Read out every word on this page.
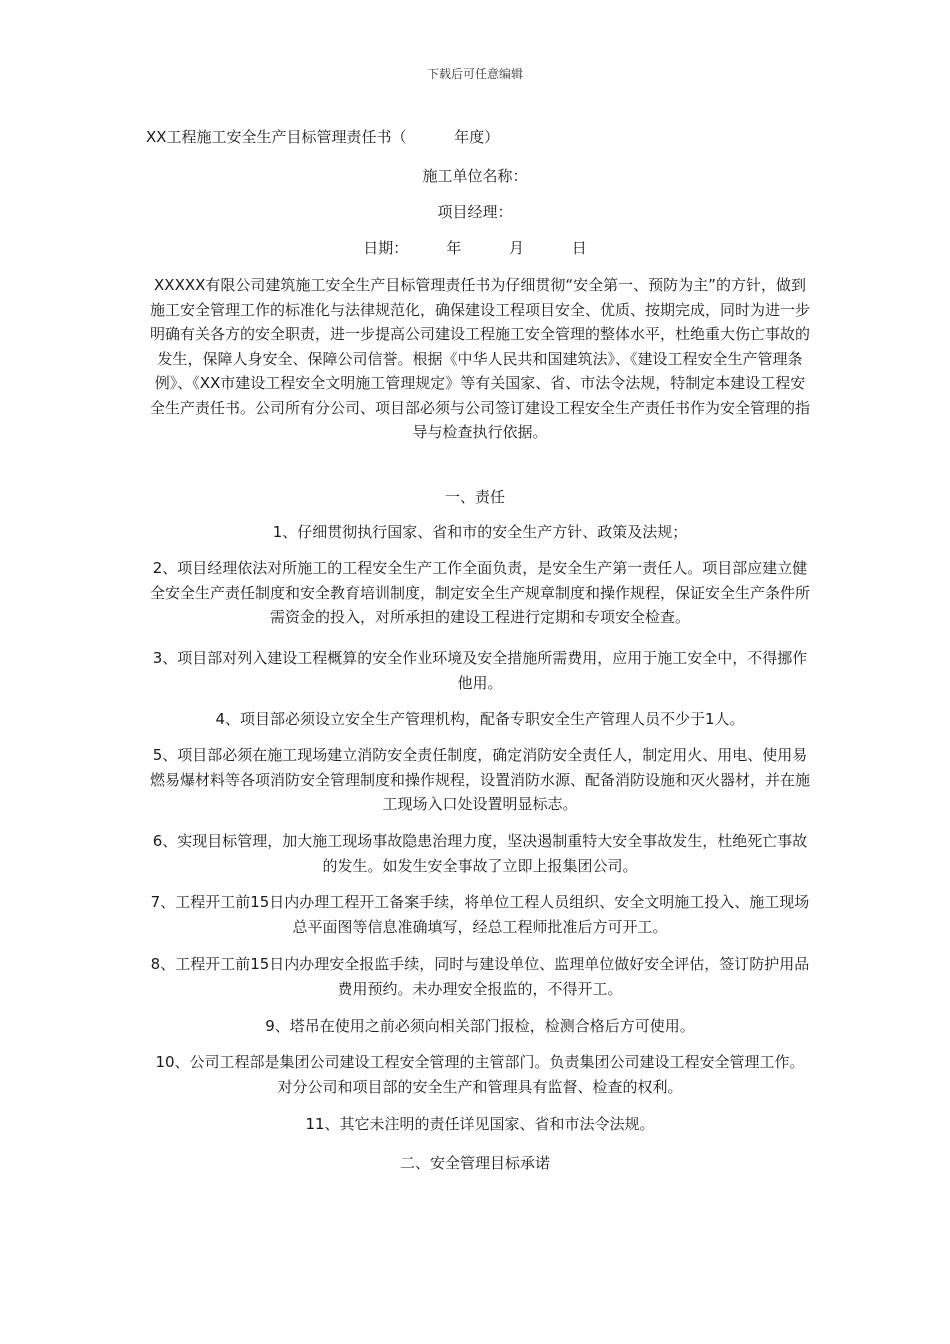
下载后可任意编辑
XX工程施工安全生产目标管理责任书（          年度）
施工单位名称：
项目经理：
日期：        年          月          日
XXXXX有限公司建筑施工安全生产目标管理责任书为仔细贯彻“安全第一、预防为主”的方针，做到施工安全管理工作的标准化与法律规范化，确保建设工程项目安全、优质、按期完成，同时为进一步明确有关各方的安全职责，进一步提高公司建设工程施工安全管理的整体水平，杜绝重大伤亡事故的发生，保障人身安全、保障公司信誉。根据《中华人民共和国建筑法》、《建设工程安全生产管理条例》、《XX市建设工程安全文明施工管理规定》等有关国家、省、市法令法规，特制定本建设工程安全生产责任书。公司所有分公司、项目部必须与公司签订建设工程安全生产责任书作为安全管理的指导与检查执行依据。
一、责任
1、仔细贯彻执行国家、省和市的安全生产方针、政策及法规；
2、项目经理依法对所施工的工程安全生产工作全面负责，是安全生产第一责任人。项目部应建立健全安全生产责任制度和安全教育培训制度，制定安全生产规章制度和操作规程，保证安全生产条件所需资金的投入，对所承担的建设工程进行定期和专项安全检查。
3、项目部对列入建设工程概算的安全作业环境及安全措施所需费用，应用于施工安全中，不得挪作他用。
4、项目部必须设立安全生产管理机构，配备专职安全生产管理人员不少于1人。
5、项目部必须在施工现场建立消防安全责任制度，确定消防安全责任人，制定用火、用电、使用易燃易爆材料等各项消防安全管理制度和操作规程，设置消防水源、配备消防设施和灭火器材，并在施工现场入口处设置明显标志。
6、实现目标管理，加大施工现场事故隐患治理力度，坚决遏制重特大安全事故发生，杜绝死亡事故的发生。如发生安全事故了立即上报集团公司。
7、工程开工前15日内办理工程开工备案手续，将单位工程人员组织、安全文明施工投入、施工现场总平面图等信息准确填写，经总工程师批准后方可开工。
8、工程开工前15日内办理安全报监手续，同时与建设单位、监理单位做好安全评估，签订防护用品费用预约。未办理安全报监的，不得开工。
9、塔吊在使用之前必须向相关部门报检，检测合格后方可使用。
10、公司工程部是集团公司建设工程安全管理的主管部门。负责集团公司建设工程安全管理工作。对分公司和项目部的安全生产和管理具有监督、检查的权利。
11、其它未注明的责任详见国家、省和市法令法规。
二、安全管理目标承诺
